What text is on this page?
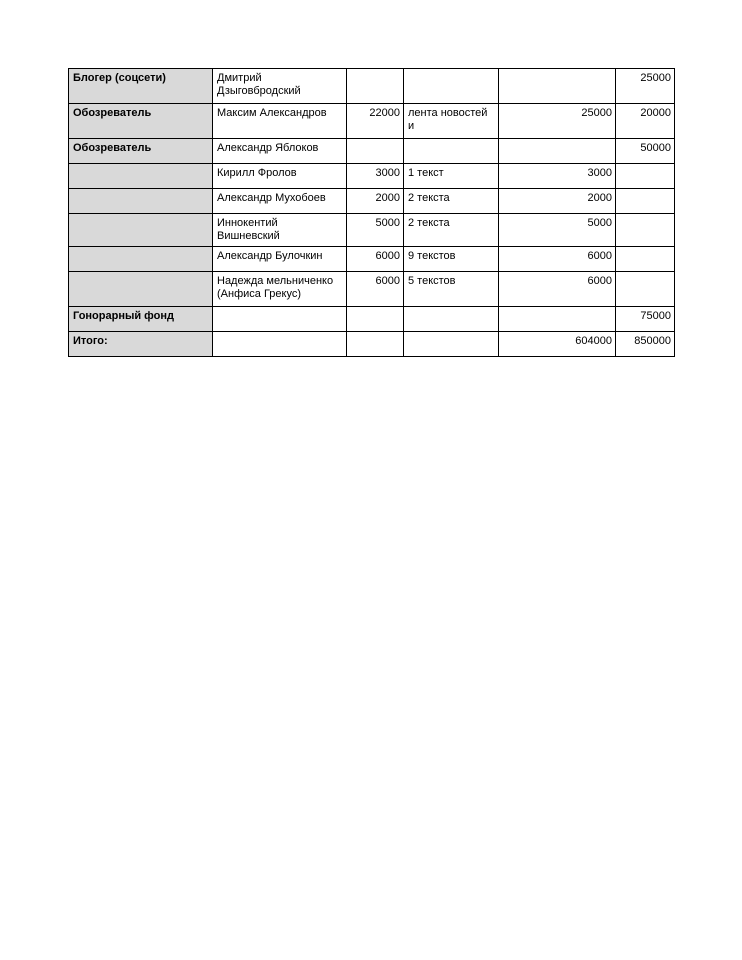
Блогер (соцсети)	Дмитрий Дзыговбродский				25000
Обозреватель	Максим Александров	22000	лента новостей и	25000	20000
Обозреватель	Александр Яблоков				50000
	Кирилл Фролов	3000	1 текст	3000	
	Александр Мухобоев	2000	2 текста	2000	
	Иннокентий Вишневский	5000	2 текста	5000	
	Александр Булочкин	6000	9 текстов	6000	
	Надежда мельниченко (Анфиса Грекус)	6000	5 текстов	6000	
Гонорарный фонд					75000
Итого:				604000	850000
